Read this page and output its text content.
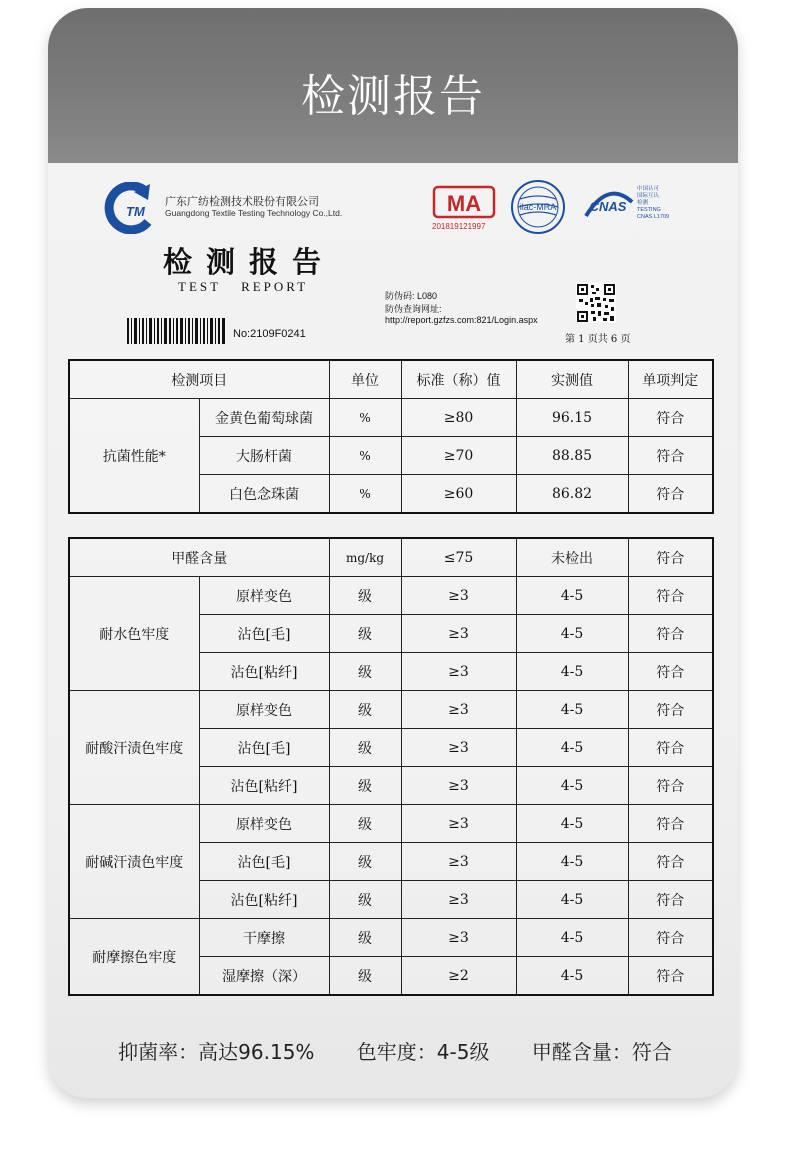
检测报告
TM
广东广纺检测技术股份有限公司
Guangdong Textile Testing Technology Co.,Ltd.	MA
201819121997
ilac-MRA	CNAS
中国认可
国际互认
检测
TESTING
CNAS L1709
检测报告
TEST REPORT
No:2109F0241
防伪码: L080
防伪查询网址:
http://report.gzfzs.com:821/Login.aspx
第 1 页共 6 页
检测项目		单位	标准（称）值	实测值	单项判定
抗菌性能*	金黄色葡萄球菌	%	≥80	96.15	符合
	大肠杆菌	%	≥70	88.85	符合
	白色念珠菌	%	≥60	86.82	符合
甲醛含量		mg/kg	≤75	未检出	符合
耐水色牢度	原样变色	级	≥3	4-5	符合
	沾色[毛]	级	≥3	4-5	符合
	沾色[粘纤]	级	≥3	4-5	符合
耐酸汗渍色牢度	原样变色	级	≥3	4-5	符合
	沾色[毛]	级	≥3	4-5	符合
	沾色[粘纤]	级	≥3	4-5	符合
耐碱汗渍色牢度	原样变色	级	≥3	4-5	符合
	沾色[毛]	级	≥3	4-5	符合
	沾色[粘纤]	级	≥3	4-5	符合
耐摩擦色牢度	干摩擦	级	≥3	4-5	符合
	湿摩擦（深）	级	≥2	4-5	符合
抑菌率：高达96.15% 色牢度：4-5级 甲醛含量：符合
